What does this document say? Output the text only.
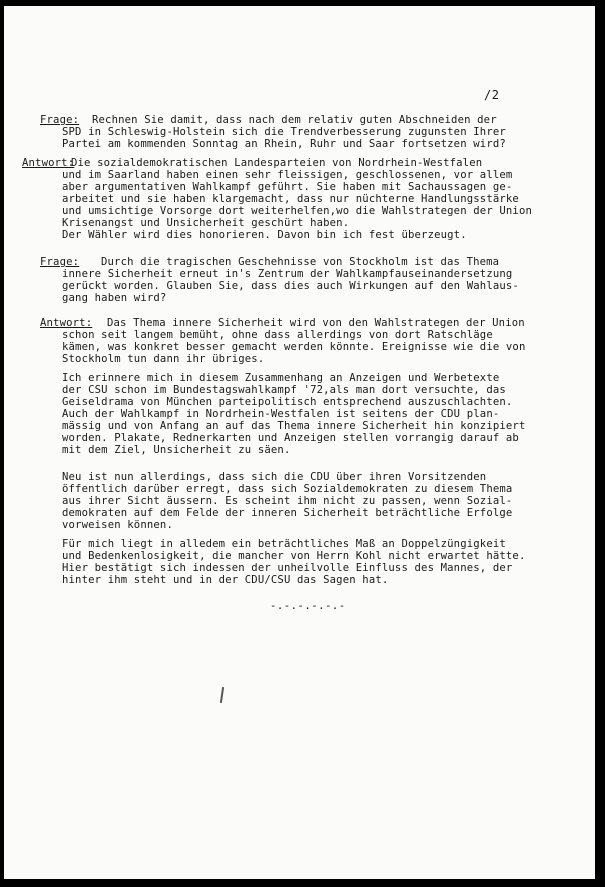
/2
Frage: Rechnen Sie damit, dass nach dem relativ guten Abschneiden der
SPD in Schleswig-Holstein sich die Trendverbesserung zugunsten Ihrer
Partei am kommenden Sonntag an Rhein, Ruhr und Saar fortsetzen wird?
Antwort:
Die sozialdemokratischen Landesparteien von Nordrhein-Westfalen
und im Saarland haben einen sehr fleissigen, geschlossenen, vor allem
aber argumentativen Wahlkampf geführt. Sie haben mit Sachaussagen ge-
arbeitet und sie haben klargemacht, dass nur nüchterne Handlungsstärke
und umsichtige Vorsorge dort weiterhelfen,wo die Wahlstrategen der Union
Krisenangst und Unsicherheit geschürt haben.
Der Wähler wird dies honorieren. Davon bin ich fest überzeugt.
Frage: Durch die tragischen Geschehnisse von Stockholm ist das Thema
innere Sicherheit erneut in's Zentrum der Wahlkampfauseinandersetzung
gerückt worden. Glauben Sie, dass dies auch Wirkungen auf den Wahlaus-
gang haben wird?
Antwort: Das Thema innere Sicherheit wird von den Wahlstrategen der Union
schon seit langem bemüht, ohne dass allerdings von dort Ratschläge
kämen, was konkret besser gemacht werden könnte. Ereignisse wie die von
Stockholm tun dann ihr übriges.
Ich erinnere mich in diesem Zusammenhang an Anzeigen und Werbetexte
der CSU schon im Bundestagswahlkampf '72,als man dort versuchte, das
Geiseldrama von München parteipolitisch entsprechend auszuschlachten.
Auch der Wahlkampf in Nordrhein-Westfalen ist seitens der CDU plan-
mässig und von Anfang an auf das Thema innere Sicherheit hin konzipiert
worden. Plakate, Rednerkarten und Anzeigen stellen vorrangig darauf ab
mit dem Ziel, Unsicherheit zu säen.
Neu ist nun allerdings, dass sich die CDU über ihren Vorsitzenden
öffentlich darüber erregt, dass sich Sozialdemokraten zu diesem Thema
aus ihrer Sicht äussern. Es scheint ihm nicht zu passen, wenn Sozial-
demokraten auf dem Felde der inneren Sicherheit beträchtliche Erfolge
vorweisen können.
Für mich liegt in alledem ein beträchtliches Maß an Doppelzüngigkeit
und Bedenkenlosigkeit, die mancher von Herrn Kohl nicht erwartet hätte.
Hier bestätigt sich indessen der unheilvolle Einfluss des Mannes, der
hinter ihm steht und in der CDU/CSU das Sagen hat.
-.-.-.-.-.-
